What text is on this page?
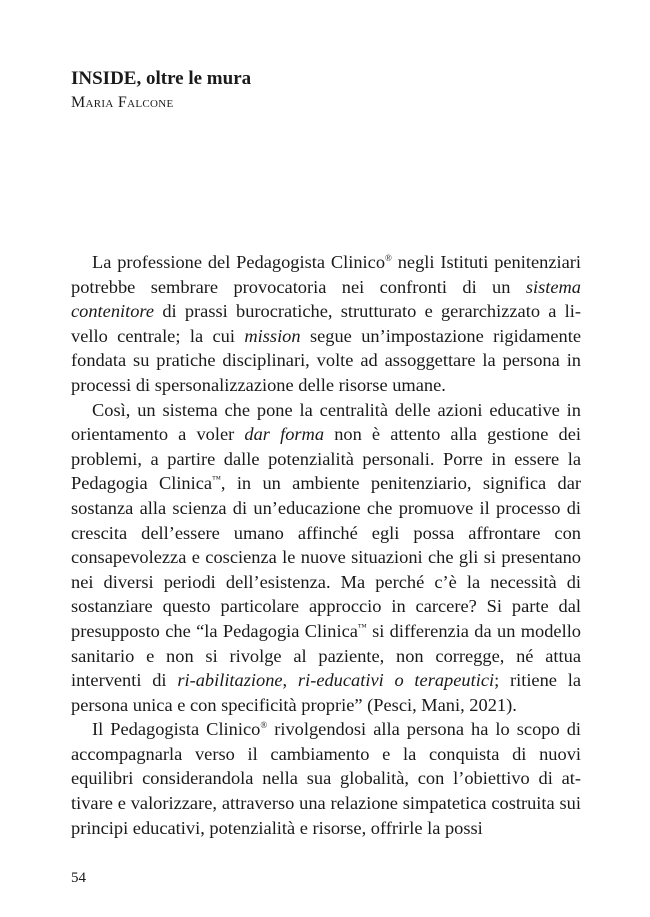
INSIDE, oltre le mura

Maria Falcone

La professione del Pedagogista Clinico® negli Istituti penitenziari potrebbe sembrare provocatoria nei confronti di un sistema contenitore di prassi burocratiche, strutturato e gerarchizzato a livello centrale; la cui mission segue un’impostazione rigidamente fondata su pratiche disciplinari, volte ad assoggettare la persona in processi di spersonalizzazione delle risorse umane.

Così, un sistema che pone la centralità delle azioni educative in orientamento a voler dar forma non è attento alla gestione dei problemi, a partire dalle potenzialità personali. Porre in essere la Pedagogia Clinica™, in un ambiente penitenziario, significa dar sostanza alla scienza di un’educazione che promuove il processo di crescita dell’essere umano affinché egli possa affrontare con consapevolezza e coscienza le nuove situazioni che gli si presentano nei diversi periodi dell’esistenza. Ma perché c’è la necessità di sostanziare questo particolare approccio in carcere? Si parte dal presupposto che “la Pedagogia Clinica™ si differenzia da un modello sanitario e non si rivolge al paziente, non corregge, né attua interventi di ri-abilitazione, ri-educativi o terapeutici; ritiene la persona unica e con specificità proprie” (Pesci, Mani, 2021).

Il Pedagogista Clinico® rivolgendosi alla persona ha lo scopo di accompagnarla verso il cambiamento e la conquista di nuovi equilibri considerandola nella sua globalità, con l’obiettivo di attivare e valorizzare, attraverso una relazione simpatetica costruita sui principi educativi, potenzialità e risorse, offrirle la possi

54
